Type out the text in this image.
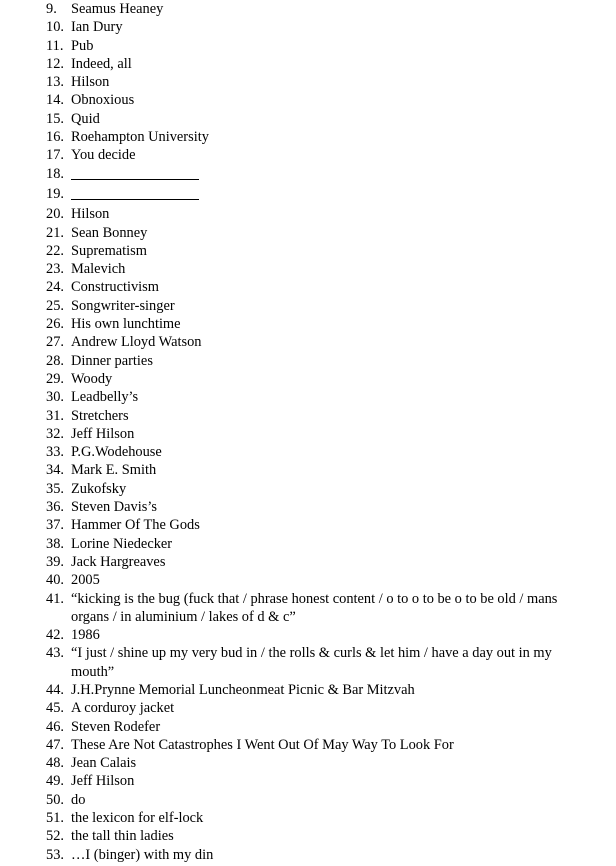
9. Seamus Heaney
10. Ian Dury
11. Pub
12. Indeed, all
13. Hilson
14. Obnoxious
15. Quid
16. Roehampton University
17. You decide
18.
19.
20. Hilson
21. Sean Bonney
22. Suprematism
23. Malevich
24. Constructivism
25. Songwriter-singer
26. His own lunchtime
27. Andrew Lloyd Watson
28. Dinner parties
29. Woody
30. Leadbelly’s
31. Stretchers
32. Jeff Hilson
33. P.G.Wodehouse
34. Mark E. Smith
35. Zukofsky
36. Steven Davis’s
37. Hammer Of The Gods
38. Lorine Niedecker
39. Jack Hargreaves
40. 2005
41. “kicking is the bug (fuck that / phrase honest content / o to o to be o to be old / mans organs / in aluminium / lakes of d & c”
42. 1986
43. “I just / shine up my very bud in / the rolls & curls & let him / have a day out in my mouth”
44. J.H.Prynne Memorial Luncheonmeat Picnic & Bar Mitzvah
45. A corduroy jacket
46. Steven Rodefer
47. These Are Not Catastrophes I Went Out Of May Way To Look For
48. Jean Calais
49. Jeff Hilson
50. do
51. the lexicon for elf-lock
52. the tall thin ladies
53. …I (binger) with my din
